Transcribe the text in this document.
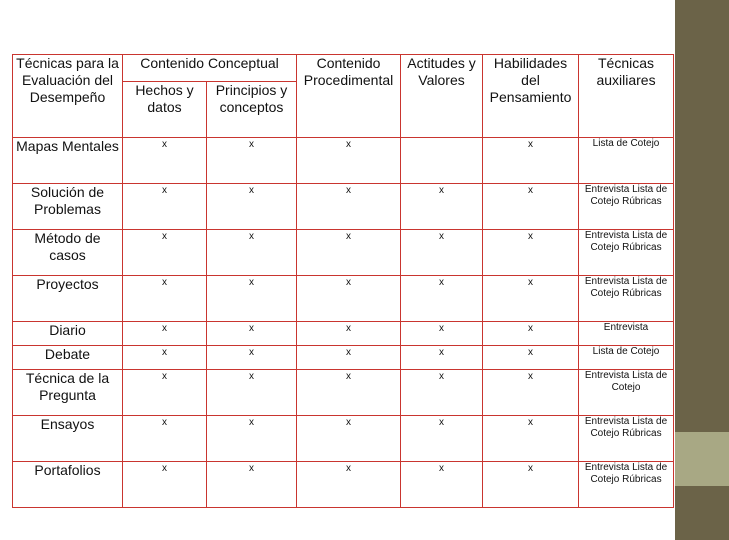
Técnicas para la Evaluación del Desempeño	Contenido Conceptual		Contenido Procedimental	Actitudes y Valores	Habilidades del Pensamiento	Técnicas auxiliares
	Hechos y datos	Principios y conceptos				
Mapas Mentales	x	x	x		x	Lista de Cotejo
Solución de Problemas	x	x	x	x	x	Entrevista Lista de Cotejo Rúbricas
Método de casos	x	x	x	x	x	Entrevista Lista de Cotejo Rúbricas
Proyectos	x	x	x	x	x	Entrevista Lista de Cotejo Rúbricas
Diario	x	x	x	x	x	Entrevista
Debate	x	x	x	x	x	Lista de Cotejo
Técnica de la Pregunta	x	x	x	x	x	Entrevista Lista de Cotejo
Ensayos	x	x	x	x	x	Entrevista Lista de Cotejo Rúbricas
Portafolios	x	x	x	x	x	Entrevista Lista de Cotejo Rúbricas
